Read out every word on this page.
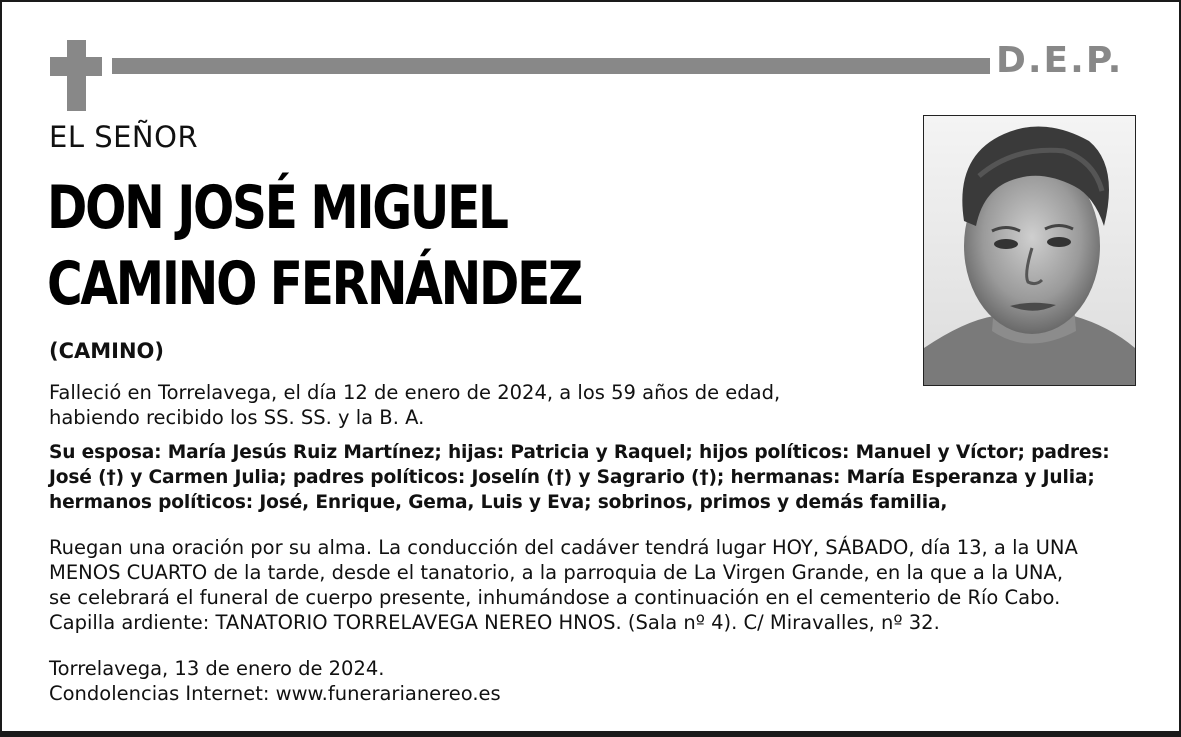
D.E.P.
EL SEÑOR
DON JOSÉ MIGUEL
CAMINO FERNÁNDEZ
(CAMINO)
Falleció en Torrelavega, el día 12 de enero de 2024, a los 59 años de edad,
habiendo recibido los SS. SS. y la B. A.
Su esposa: María Jesús Ruiz Martínez; hijas: Patricia y Raquel; hijos políticos: Manuel y Víctor; padres:
José (†) y Carmen Julia; padres políticos: Joselín (†) y Sagrario (†); hermanas: María Esperanza y Julia;
hermanos políticos: José, Enrique, Gema, Luis y Eva; sobrinos, primos y demás familia,
Ruegan una oración por su alma. La conducción del cadáver tendrá lugar HOY, SÁBADO, día 13, a la UNA
MENOS CUARTO de la tarde, desde el tanatorio, a la parroquia de La Virgen Grande, en la que a la UNA,
se celebrará el funeral de cuerpo presente, inhumándose a continuación en el cementerio de Río Cabo.
Capilla ardiente: TANATORIO TORRELAVEGA NEREO HNOS. (Sala nº 4). C/ Miravalles, nº 32.
Torrelavega, 13 de enero de 2024.
Condolencias Internet: www.funerarianereo.es
